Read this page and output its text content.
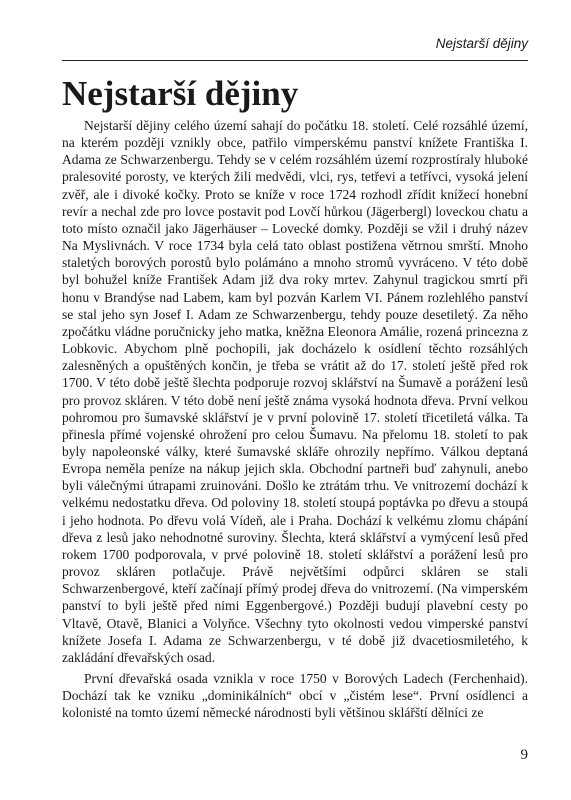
Nejstarší dějiny
Nejstarší dějiny

Nejstarší dějiny celého území sahají do počátku 18. století. Celé rozsáhlé území, na kterém později vznikly obce, patřilo vimperskému panství knížete Františka I. Adama ze Schwarzenbergu. Tehdy se v celém rozsáhlém území rozprostíraly hluboké pralesovité porosty, ve kterých žili medvědi, vlci, rys, tetřevi a tetřívci, vysoká jelení zvěř, ale i divoké kočky. Proto se kníže v roce 1724 rozhodl zřídit knížecí honební revír a nechal zde pro lovce postavit pod Lovčí hůrkou (Jägerbergl) loveckou chatu a toto místo označil jako Jägerhäuser – Lovecké domky. Později se vžil i druhý název Na Myslivnách. V roce 1734 byla celá tato oblast postižena větrnou smrští. Mnoho staletých borových porostů bylo polámáno a mnoho stromů vyvráceno. V této době byl bohužel kníže František Adam již dva roky mrtev. Zahynul tragickou smrtí při honu v Brandýse nad Labem, kam byl pozván Karlem VI. Pánem rozlehlého panství se stal jeho syn Josef I. Adam ze Schwarzenbergu, tehdy pouze desetiletý. Za něho zpočátku vládne poručnicky jeho matka, kněžna Eleonora Amálie, rozená princezna z Lobkovic. Abychom plně pochopili, jak docházelo k osídlení těchto rozsáhlých zalesněných a opuštěných končin, je třeba se vrátit až do 17. století ještě před rok 1700. V této době ještě šlechta podporuje rozvoj sklářství na Šumavě a porážení lesů pro provoz skláren. V této době není ještě známa vysoká hodnota dřeva. První velkou pohromou pro šumavské sklářství je v první polovině 17. století třicetiletá válka. Ta přinesla přímé vojenské ohrožení pro celou Šumavu. Na přelomu 18. století to pak byly napoleonské války, které šumavské skláře ohrozily nepřímo. Válkou deptaná Evropa neměla peníze na nákup jejich skla. Obchodní partneři buď zahynuli, anebo byli válečnými útrapami zruinováni. Došlo ke ztrátám trhu. Ve vnitrozemí dochází k velkému nedostatku dřeva. Od poloviny 18. století stoupá poptávka po dřevu a stoupá i jeho hodnota. Po dřevu volá Vídeň, ale i Praha. Dochází k velkému zlomu chápání dřeva z lesů jako nehodnotné suroviny. Šlechta, která sklářství a vymýcení lesů před rokem 1700 podporovala, v prvé polovině 18. století sklářství a porážení lesů pro provoz skláren potlačuje. Právě největšími odpůrci skláren se stali Schwarzenbergové, kteří začínají přímý prodej dřeva do vnitrozemí. (Na vimperském panství to byli ještě před nimi Eggenbergové.) Později budují plavební cesty po Vltavě, Otavě, Blanici a Volyňce. Všechny tyto okolnosti vedou vimperské panství knížete Josefa I. Adama ze Schwarzenbergu, v té době již dvacetiosmiletého, k zakládání dřevařských osad.

První dřevařská osada vznikla v roce 1750 v Borových Ladech (Ferchenhaid). Dochází tak ke vzniku „dominikálních“ obcí v „čistém lese“. První osídlenci a kolonisté na tomto území německé národnosti byli většinou sklářští dělníci ze

9
